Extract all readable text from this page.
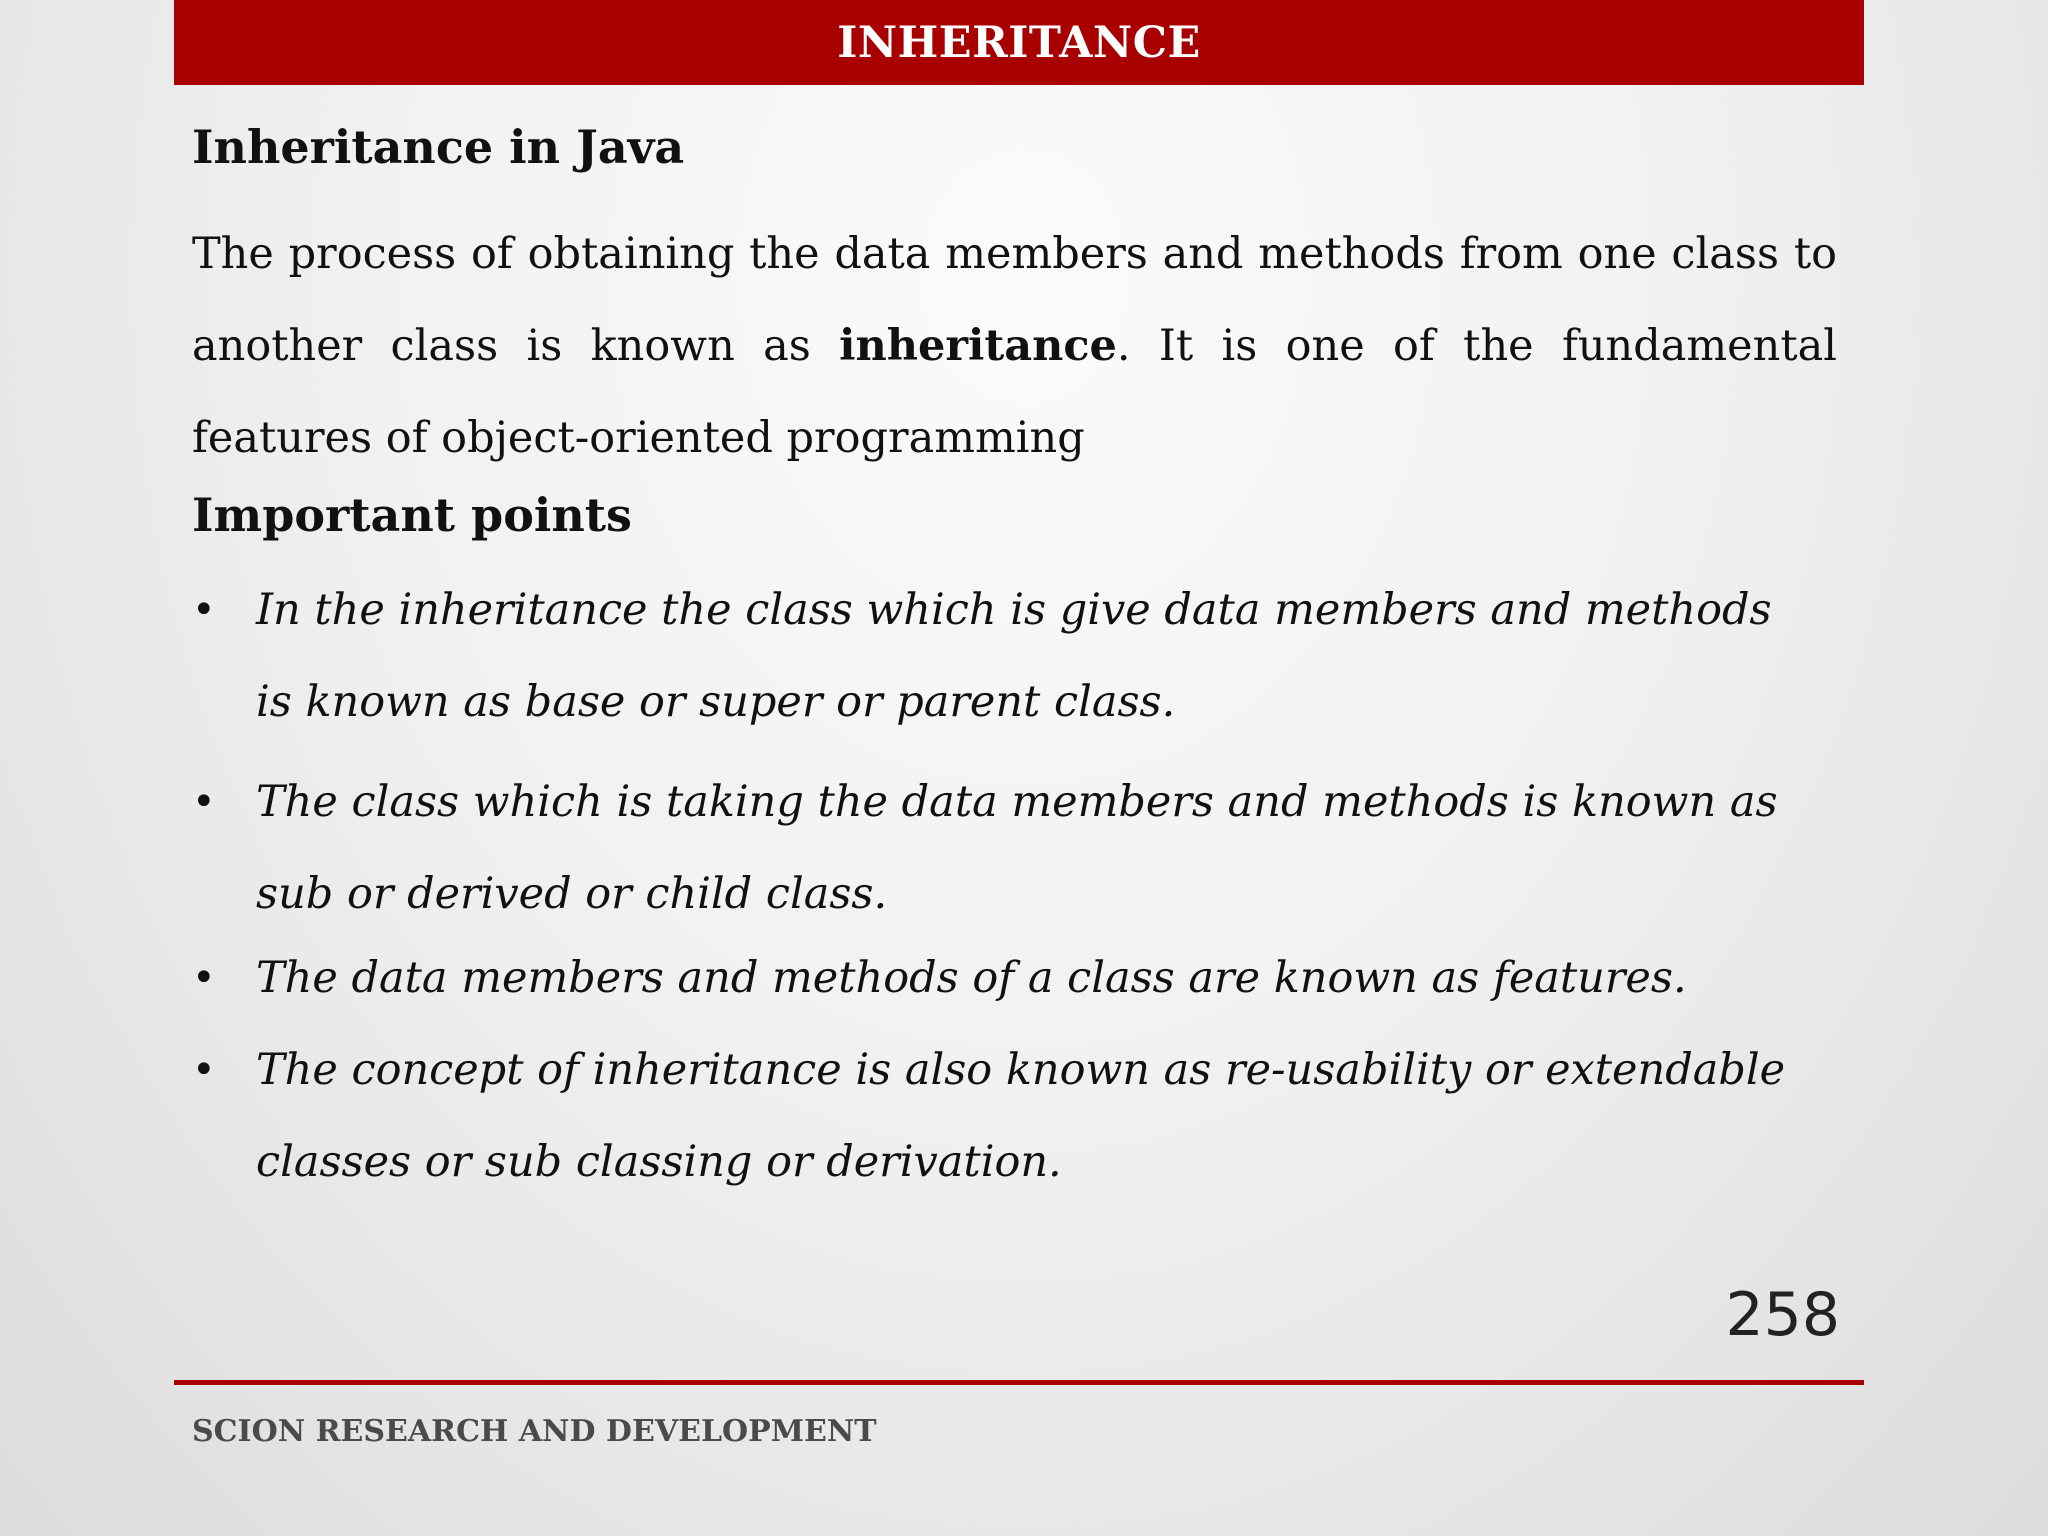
INHERITANCE
Inheritance in Java

The process of obtaining the data members and methods from one class to another class is known as inheritance. It is one of the fundamental features of object-oriented programming

Important points
• In the inheritance the class which is give data members and methods is known as base or super or parent class.
• The class which is taking the data members and methods is known as sub or derived or child class.
• The data members and methods of a class are known as features.
• The concept of inheritance is also known as re-usability or extendable classes or sub classing or derivation.
258
SCION RESEARCH AND DEVELOPMENT
